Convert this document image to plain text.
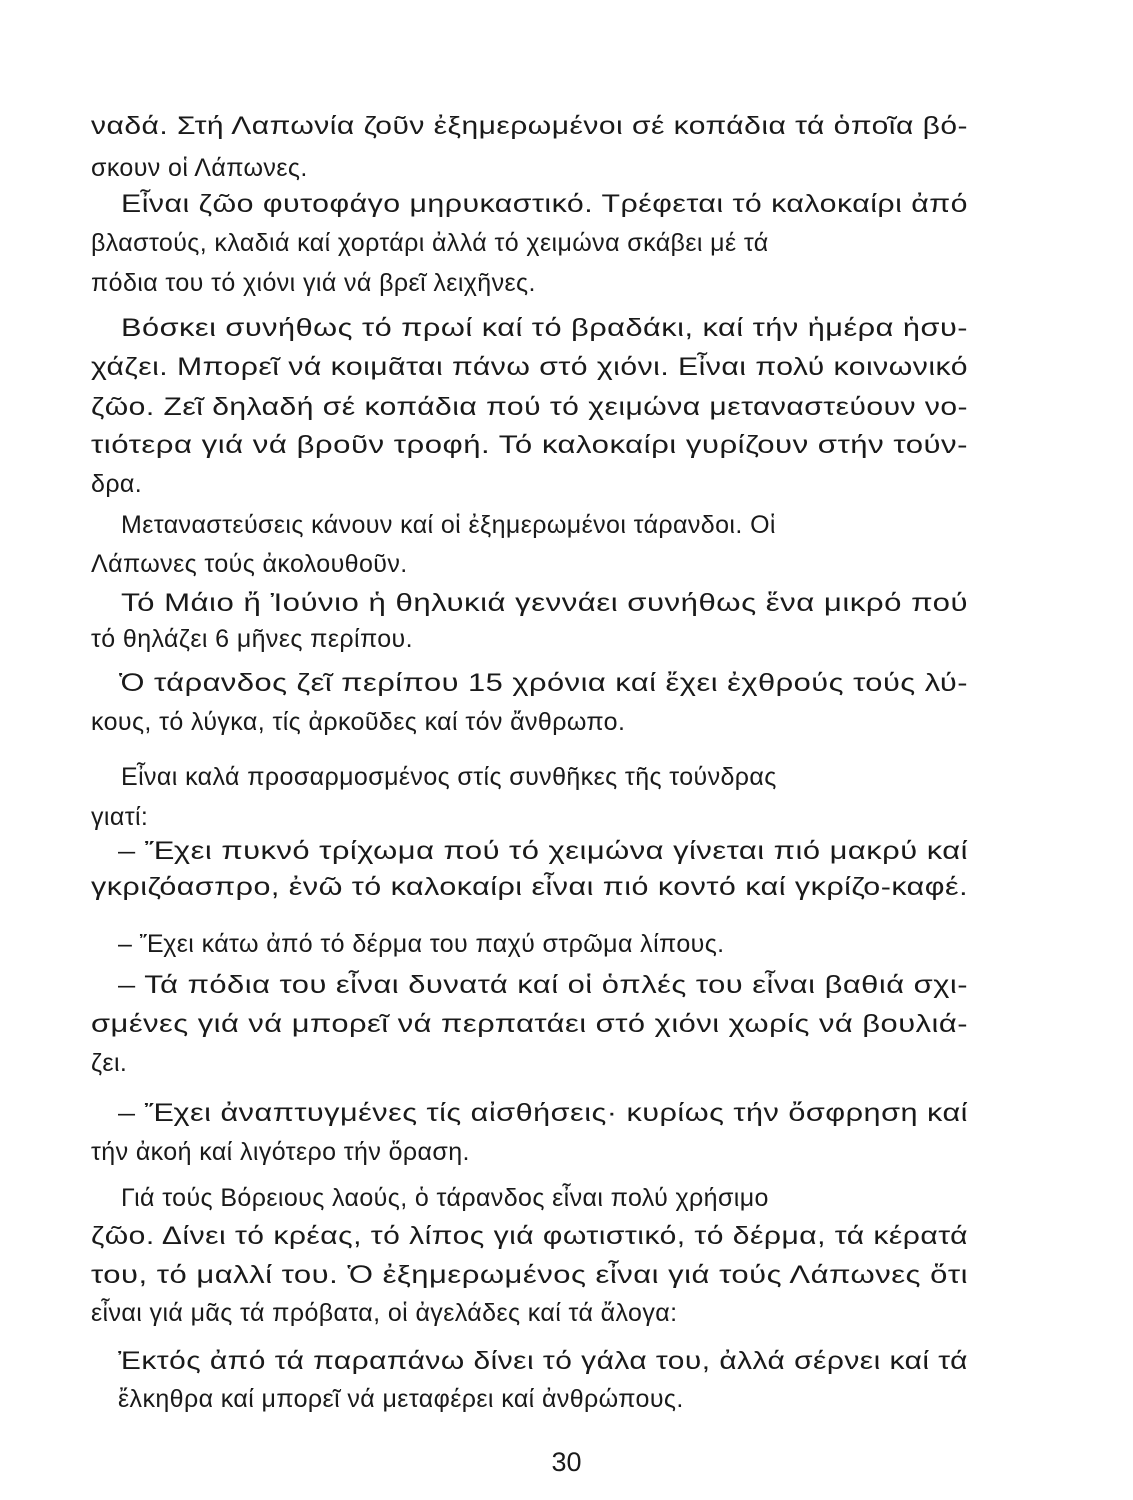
ναδά. Στή Λαπωνία ζοῦν ἐξημερωμένοι σέ κοπάδια τά ὁποῖα βό-
σκουν οἱ Λάπωνες.
Εἶναι ζῶο φυτοφάγο μηρυκαστικό. Τρέφεται τό καλοκαίρι ἀπό
βλαστούς, κλαδιά καί χορτάρι ἀλλά τό χειμώνα σκάβει μέ τά
πόδια του τό χιόνι γιά νά βρεῖ λειχῆνες.
Βόσκει συνήθως τό πρωί καί τό βραδάκι, καί τήν ἡμέρα ἡσυ-
χάζει. Μπορεῖ νά κοιμᾶται πάνω στό χιόνι. Εἶναι πολύ κοινωνικό
ζῶο. Ζεῖ δηλαδή σέ κοπάδια πού τό χειμώνα μεταναστεύουν νο-
τιότερα γιά νά βροῦν τροφή. Τό καλοκαίρι γυρίζουν στήν τούν-
δρα.
Μεταναστεύσεις κάνουν καί οἱ ἐξημερωμένοι τάρανδοι. Οἱ
Λάπωνες τούς ἀκολουθοῦν.
Τό Μάιο ἤ Ἰούνιο ἡ θηλυκιά γεννάει συνήθως ἕνα μικρό πού
τό θηλάζει 6 μῆνες περίπου.
Ὁ τάρανδος ζεῖ περίπου 15 χρόνια καί ἔχει ἐχθρούς τούς λύ-
κους, τό λύγκα, τίς ἀρκοῦδες καί τόν ἄνθρωπο.
Εἶναι καλά προσαρμοσμένος στίς συνθῆκες τῆς τούνδρας
γιατί:
– Ἔχει πυκνό τρίχωμα πού τό χειμώνα γίνεται πιό μακρύ καί
γκριζόασπρο, ἐνῶ τό καλοκαίρι εἶναι πιό κοντό καί γκρίζο-καφέ.
– Ἔχει κάτω ἀπό τό δέρμα του παχύ στρῶμα λίπους.
– Τά πόδια του εἶναι δυνατά καί οἱ ὁπλές του εἶναι βαθιά σχι-
σμένες γιά νά μπορεῖ νά περπατάει στό χιόνι χωρίς νά βουλιά-
ζει.
– Ἔχει ἀναπτυγμένες τίς αἰσθήσεις· κυρίως τήν ὄσφρηση καί
τήν ἀκοή καί λιγότερο τήν ὅραση.
Γιά τούς Βόρειους λαούς, ὁ τάρανδος εἶναι πολύ χρήσιμο
ζῶο. Δίνει τό κρέας, τό λίπος γιά φωτιστικό, τό δέρμα, τά κέρατά
του, τό μαλλί του. Ὁ ἐξημερωμένος εἶναι γιά τούς Λάπωνες ὅτι
εἶναι γιά μᾶς τά πρόβατα, οἱ ἀγελάδες καί τά ἄλογα:
Ἐκτός ἀπό τά παραπάνω δίνει τό γάλα του, ἀλλά σέρνει καί τά
ἔλκηθρα καί μπορεῖ νά μεταφέρει καί ἀνθρώπους.
30
